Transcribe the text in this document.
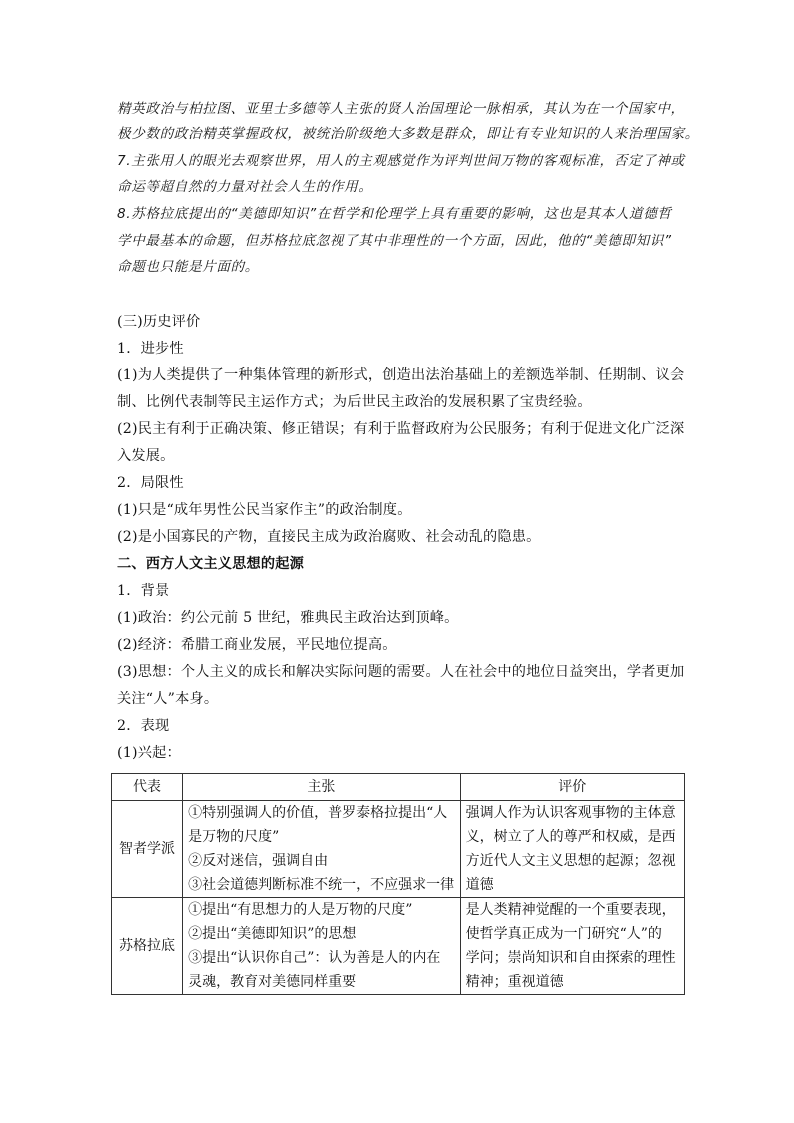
精英政治与柏拉图、亚里士多德等人主张的贤人治国理论一脉相承，其认为在一个国家中，
极少数的政治精英掌握政权，被统治阶级绝大多数是群众，即让有专业知识的人来治理国家。
7.主张用人的眼光去观察世界，用人的主观感觉作为评判世间万物的客观标准，否定了神或
命运等超自然的力量对社会人生的作用。
8.苏格拉底提出的“美德即知识”在哲学和伦理学上具有重要的影响，这也是其本人道德哲
学中最基本的命题，但苏格拉底忽视了其中非理性的一个方面，因此，他的“美德即知识”
命题也只能是片面的。
(三)历史评价
1．进步性
(1)为人类提供了一种集体管理的新形式，创造出法治基础上的差额选举制、任期制、议会
制、比例代表制等民主运作方式；为后世民主政治的发展积累了宝贵经验。
(2)民主有利于正确决策、修正错误；有利于监督政府为公民服务；有利于促进文化广泛深
入发展。
2．局限性
(1)只是“成年男性公民当家作主”的政治制度。
(2)是小国寡民的产物，直接民主成为政治腐败、社会动乱的隐患。
二、西方人文主义思想的起源
1．背景
(1)政治：约公元前 5 世纪，雅典民主政治达到顶峰。
(2)经济：希腊工商业发展，平民地位提高。
(3)思想：个人主义的成长和解决实际问题的需要。人在社会中的地位日益突出，学者更加
关注“人”本身。
2．表现
(1)兴起：
代表	主张	评价
智者学派	①特别强调人的价值，普罗泰格拉提出“人
是万物的尺度”
②反对迷信，强调自由
③社会道德判断标准不统一，不应强求一律	强调人作为认识客观事物的主体意
义，树立了人的尊严和权威，是西
方近代人文主义思想的起源；忽视
道德

苏格拉底	①提出“有思想力的人是万物的尺度”
②提出“美德即知识”的思想
③提出“认识你自己”：认为善是人的内在
灵魂，教育对美德同样重要	是人类精神觉醒的一个重要表现，
使哲学真正成为一门研究“人”的
学问；崇尚知识和自由探索的理性
精神；重视道德
